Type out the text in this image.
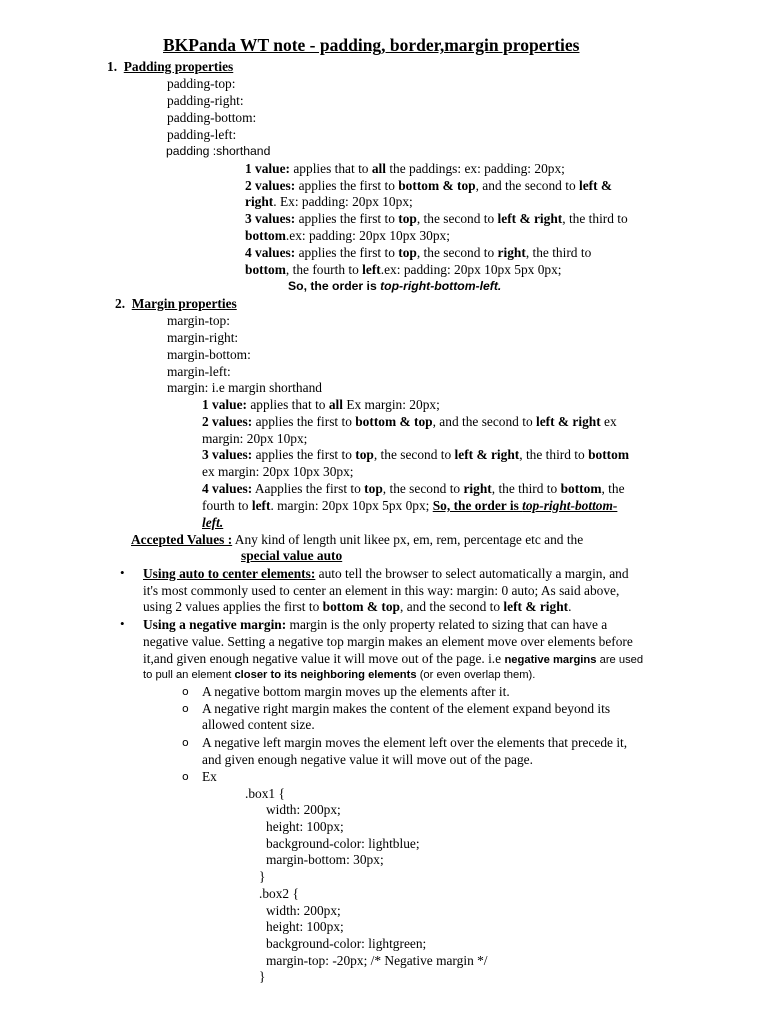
BKPanda WT note - padding, border,margin properties
1. Padding properties
padding-top:
padding-right:
padding-bottom:
padding-left:
padding :shorthand
1 value: applies that to all the paddings: ex: padding: 20px;
2 values: applies the first to bottom & top, and the second to left &
right. Ex: padding: 20px 10px;
3 values: applies the first to top, the second to left & right, the third to
bottom.ex: padding: 20px 10px 30px;
4 values: applies the first to top, the second to right, the third to
bottom, the fourth to left.ex: padding: 20px 10px 5px 0px;
So, the order is top-right-bottom-left.
2. Margin properties
margin-top:
margin-right:
margin-bottom:
margin-left:
margin: i.e margin shorthand
1 value: applies that to all Ex margin: 20px;
2 values: applies the first to bottom & top, and the second to left & right ex
margin: 20px 10px;
3 values: applies the first to top, the second to left & right, the third to bottom
ex margin: 20px 10px 30px;
4 values: Aapplies the first to top, the second to right, the third to bottom, the
fourth to left. margin: 20px 10px 5px 0px; So, the order is top-right-bottom-
left.
Accepted Values : Any kind of length unit likee px, em, rem, percentage etc and the
special value auto
• Using auto to center elements: auto tell the browser to select automatically a margin, and
it's most commonly used to center an element in this way: margin: 0 auto; As said above,
using 2 values applies the first to bottom & top, and the second to left & right.
• Using a negative margin: margin is the only property related to sizing that can have a
negative value. Setting a negative top margin makes an element move over elements before
it,and given enough negative value it will move out of the page. i.e negative margins are used
to pull an element closer to its neighboring elements (or even overlap them).
o A negative bottom margin moves up the elements after it.
o A negative right margin makes the content of the element expand beyond its
allowed content size.
o A negative left margin moves the element left over the elements that precede it,
and given enough negative value it will move out of the page.
o Ex
.box1 {
width: 200px;
height: 100px;
background-color: lightblue;
margin-bottom: 30px;
}
.box2 {
width: 200px;
height: 100px;
background-color: lightgreen;
margin-top: -20px; /* Negative margin */
}
